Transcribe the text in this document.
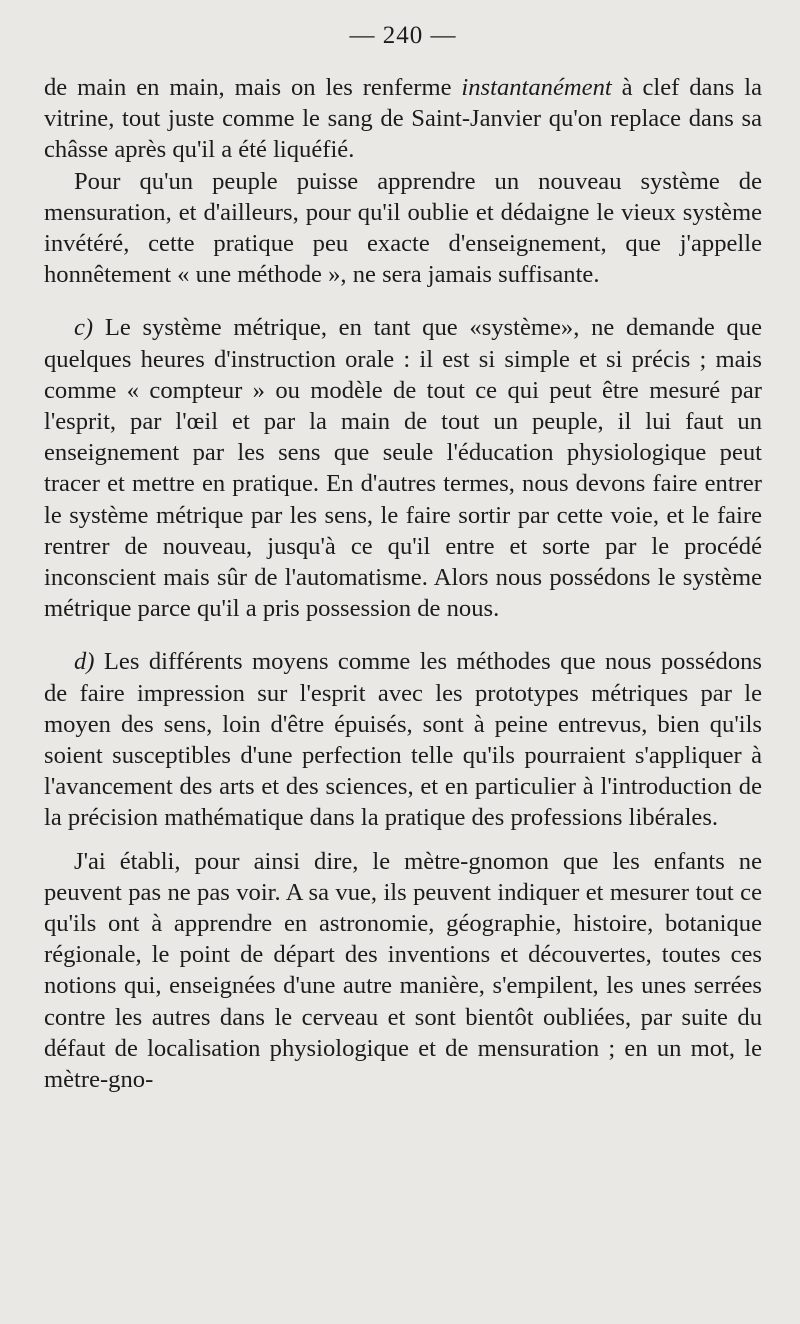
— 240 —

de main en main, mais on les renferme instantanément à clef dans la vitrine, tout juste comme le sang de Saint-Janvier qu'on replace dans sa châsse après qu'il a été liquéfié.

Pour qu'un peuple puisse apprendre un nouveau système de mensuration, et d'ailleurs, pour qu'il oublie et dédaigne le vieux système invétéré, cette pratique peu exacte d'enseignement, que j'appelle honnêtement « une méthode », ne sera jamais suffisante.

c) Le système métrique, en tant que «système», ne demande que quelques heures d'instruction orale : il est si simple et si précis ; mais comme « compteur » ou modèle de tout ce qui peut être mesuré par l'esprit, par l'œil et par la main de tout un peuple, il lui faut un enseignement par les sens que seule l'éducation physiologique peut tracer et mettre en pratique. En d'autres termes, nous devons faire entrer le système métrique par les sens, le faire sortir par cette voie, et le faire rentrer de nouveau, jusqu'à ce qu'il entre et sorte par le procédé inconscient mais sûr de l'automatisme. Alors nous possédons le système métrique parce qu'il a pris possession de nous.

d) Les différents moyens comme les méthodes que nous possédons de faire impression sur l'esprit avec les prototypes métriques par le moyen des sens, loin d'être épuisés, sont à peine entrevus, bien qu'ils soient susceptibles d'une perfection telle qu'ils pourraient s'appliquer à l'avancement des arts et des sciences, et en particulier à l'introduction de la précision mathématique dans la pratique des professions libérales.

J'ai établi, pour ainsi dire, le mètre-gnomon que les enfants ne peuvent pas ne pas voir. A sa vue, ils peuvent indiquer et mesurer tout ce qu'ils ont à apprendre en astronomie, géographie, histoire, botanique régionale, le point de départ des inventions et découvertes, toutes ces notions qui, enseignées d'une autre manière, s'empilent, les unes serrées contre les autres dans le cerveau et sont bientôt oubliées, par suite du défaut de localisation physiologique et de mensuration ; en un mot, le mètre-gno-
